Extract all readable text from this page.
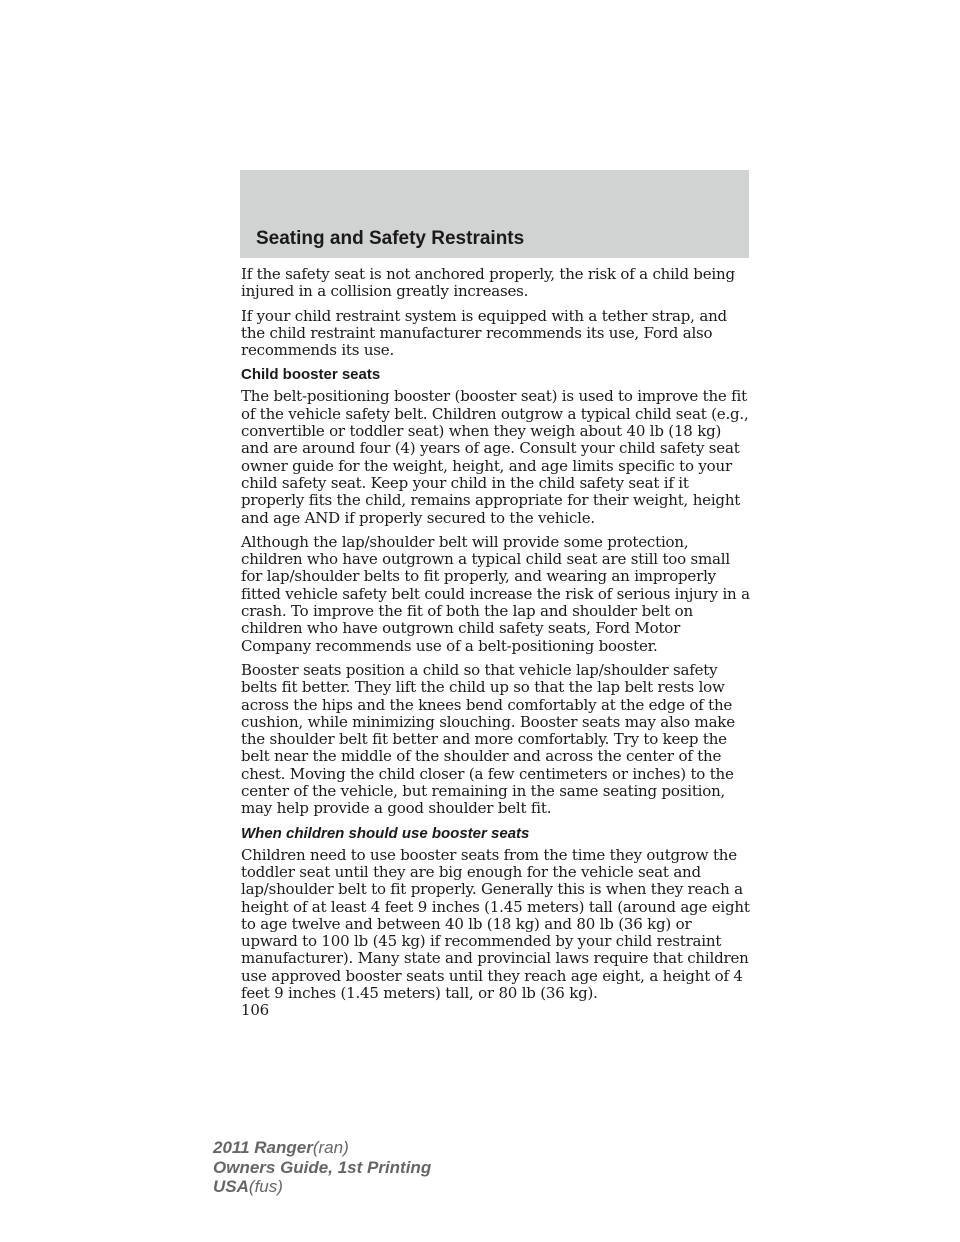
Seating and Safety Restraints

If the safety seat is not anchored properly, the risk of a child being injured in a collision greatly increases.

If your child restraint system is equipped with a tether strap, and the child restraint manufacturer recommends its use, Ford also recommends its use.

Child booster seats

The belt-positioning booster (booster seat) is used to improve the fit of the vehicle safety belt. Children outgrow a typical child seat (e.g., convertible or toddler seat) when they weigh about 40 lb (18 kg) and are around four (4) years of age. Consult your child safety seat owner guide for the weight, height, and age limits specific to your child safety seat. Keep your child in the child safety seat if it properly fits the child, remains appropriate for their weight, height and age AND if properly secured to the vehicle.

Although the lap/shoulder belt will provide some protection, children who have outgrown a typical child seat are still too small for lap/shoulder belts to fit properly, and wearing an improperly fitted vehicle safety belt could increase the risk of serious injury in a crash. To improve the fit of both the lap and shoulder belt on children who have outgrown child safety seats, Ford Motor Company recommends use of a belt-positioning booster.

Booster seats position a child so that vehicle lap/shoulder safety belts fit better. They lift the child up so that the lap belt rests low across the hips and the knees bend comfortably at the edge of the cushion, while minimizing slouching. Booster seats may also make the shoulder belt fit better and more comfortably. Try to keep the belt near the middle of the shoulder and across the center of the chest. Moving the child closer (a few centimeters or inches) to the center of the vehicle, but remaining in the same seating position, may help provide a good shoulder belt fit.

When children should use booster seats

Children need to use booster seats from the time they outgrow the toddler seat until they are big enough for the vehicle seat and lap/shoulder belt to fit properly. Generally this is when they reach a height of at least 4 feet 9 inches (1.45 meters) tall (around age eight to age twelve and between 40 lb (18 kg) and 80 lb (36 kg) or upward to 100 lb (45 kg) if recommended by your child restraint manufacturer). Many state and provincial laws require that children use approved booster seats until they reach age eight, a height of 4 feet 9 inches (1.45 meters) tall, or 80 lb (36 kg).

106

2011 Ranger(ran)
Owners Guide, 1st Printing
USA(fus)
